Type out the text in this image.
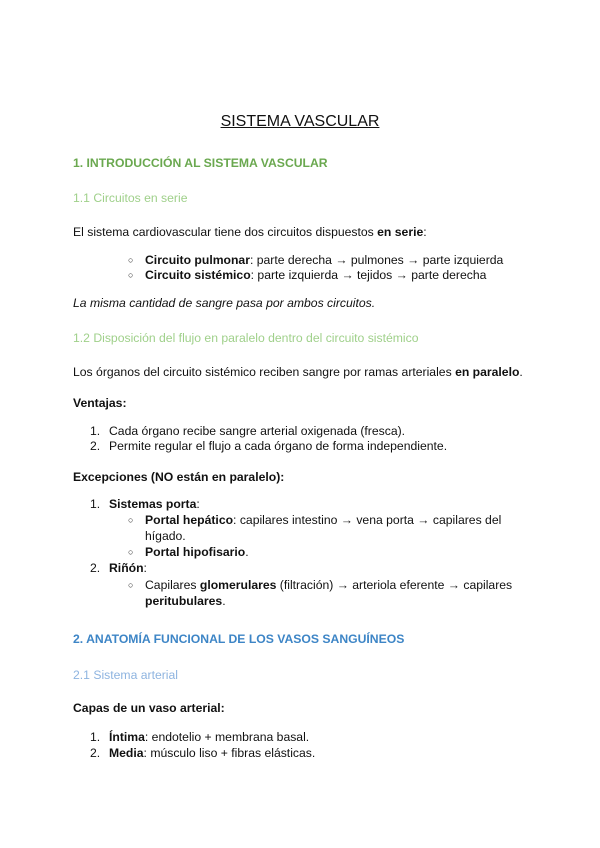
SISTEMA VASCULAR
1. INTRODUCCIÓN AL SISTEMA VASCULAR
1.1 Circuitos en serie
El sistema cardiovascular tiene dos circuitos dispuestos en serie:
○ Circuito pulmonar: parte derecha → pulmones → parte izquierda
○ Circuito sistémico: parte izquierda → tejidos → parte derecha
La misma cantidad de sangre pasa por ambos circuitos.
1.2 Disposición del flujo en paralelo dentro del circuito sistémico
Los órganos del circuito sistémico reciben sangre por ramas arteriales en paralelo.
Ventajas:
1. Cada órgano recibe sangre arterial oxigenada (fresca).
2. Permite regular el flujo a cada órgano de forma independiente.
Excepciones (NO están en paralelo):
1. Sistemas porta:
○ Portal hepático: capilares intestino → vena porta → capilares del
hígado.
○ Portal hipofisario.
2. Riñón:
○ Capilares glomerulares (filtración) → arteriola eferente → capilares
peritubulares.
2. ANATOMÍA FUNCIONAL DE LOS VASOS SANGUÍNEOS
2.1 Sistema arterial
Capas de un vaso arterial:
1. Íntima: endotelio + membrana basal.
2. Media: músculo liso + fibras elásticas.
